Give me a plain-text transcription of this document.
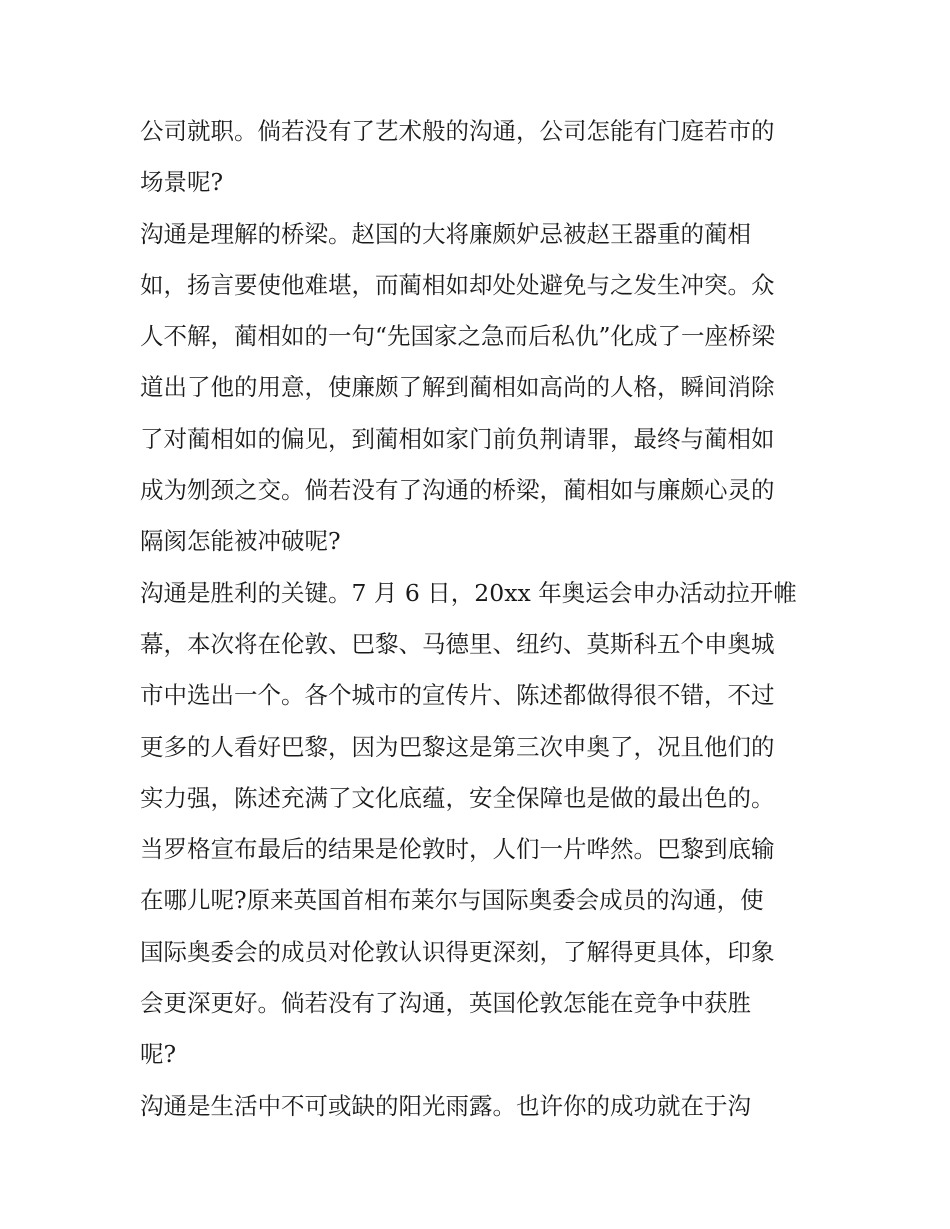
公司就职。倘若没有了艺术般的沟通，公司怎能有门庭若市的
场景呢?
沟通是理解的桥梁。赵国的大将廉颇妒忌被赵王器重的蔺相
如，扬言要使他难堪，而蔺相如却处处避免与之发生冲突。众
人不解，蔺相如的一句“先国家之急而后私仇”化成了一座桥梁
道出了他的用意，使廉颇了解到蔺相如高尚的人格，瞬间消除
了对蔺相如的偏见，到蔺相如家门前负荆请罪，最终与蔺相如
成为刎颈之交。倘若没有了沟通的桥梁，蔺相如与廉颇心灵的
隔阂怎能被冲破呢?
沟通是胜利的关键。7 月 6 日，20xx 年奥运会申办活动拉开帷
幕，本次将在伦敦、巴黎、马德里、纽约、莫斯科五个申奥城
市中选出一个。各个城市的宣传片、陈述都做得很不错，不过
更多的人看好巴黎，因为巴黎这是第三次申奥了，况且他们的
实力强，陈述充满了文化底蕴，安全保障也是做的最出色的。
当罗格宣布最后的结果是伦敦时，人们一片哗然。巴黎到底输
在哪儿呢?原来英国首相布莱尔与国际奥委会成员的沟通，使
国际奥委会的成员对伦敦认识得更深刻，了解得更具体，印象
会更深更好。倘若没有了沟通，英国伦敦怎能在竞争中获胜
呢?
沟通是生活中不可或缺的阳光雨露。也许你的成功就在于沟
